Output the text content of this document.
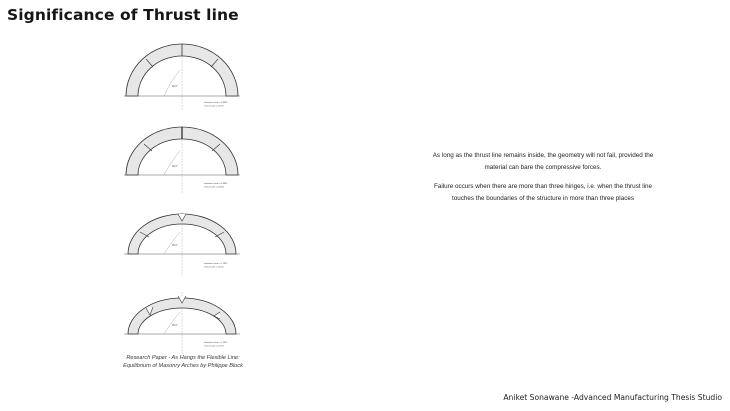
Significance of Thrust line
90.0°
Geometric factor = 0.8809
Thrust factor = 0.4575
90.0°
Geometric factor = 0.8809
Thrust factor = 0.5544
90.0°
Geometric factor = 1.1876
Thrust factor = 0.4576
90.0°
Geometric factor = 1.1876
Thrust factor = 0.5574
Research Paper - As Hangs the Flexible Line:
Equilibrium of Masonry Arches by Philippe Block

As long as the thrust line remains inside, the geometry will not fail, provided the material can bare the compressive forces.

Failure occurs when there are more than three hinges, i.e. when the thrust line touches the boundaries of the structure in more than three places

Aniket Sonawane -Advanced Manufacturing Thesis Studio
